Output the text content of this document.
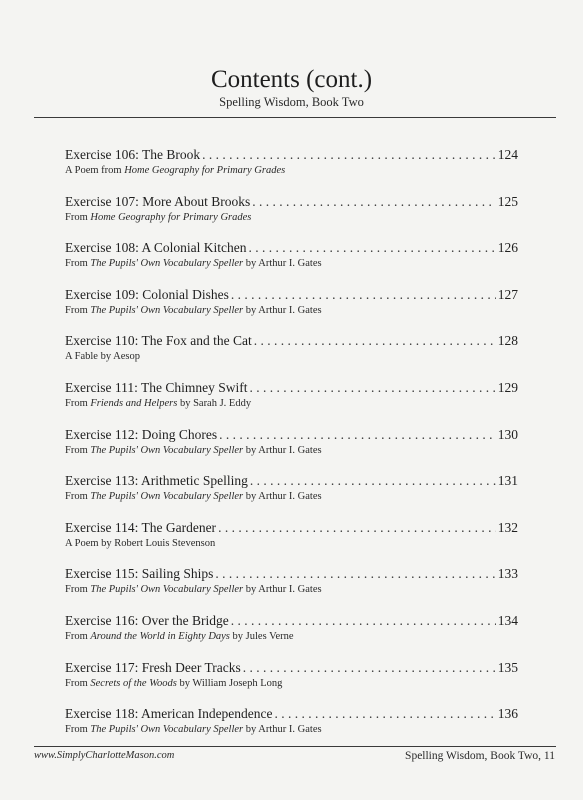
Contents (cont.)
Spelling Wisdom, Book Two
Exercise 106: The Brook . . .	124
A Poem from Home Geography for Primary Grades
Exercise 107: More About Brooks . . .	125
From Home Geography for Primary Grades
Exercise 108: A Colonial Kitchen . . .	126
From The Pupils' Own Vocabulary Speller by Arthur I. Gates
Exercise 109: Colonial Dishes . . .	127
From The Pupils' Own Vocabulary Speller by Arthur I. Gates
Exercise 110: The Fox and the Cat . . .	128
A Fable by Aesop
Exercise 111: The Chimney Swift . . .	129
From Friends and Helpers by Sarah J. Eddy
Exercise 112: Doing Chores . . .	130
From The Pupils' Own Vocabulary Speller by Arthur I. Gates
Exercise 113: Arithmetic Spelling . . .	131
From The Pupils' Own Vocabulary Speller by Arthur I. Gates
Exercise 114: The Gardener . . .	132
A Poem by Robert Louis Stevenson
Exercise 115: Sailing Ships . . .	133
From The Pupils' Own Vocabulary Speller by Arthur I. Gates
Exercise 116: Over the Bridge . . .	134
From Around the World in Eighty Days by Jules Verne
Exercise 117: Fresh Deer Tracks . . .	135
From Secrets of the Woods by William Joseph Long
Exercise 118: American Independence . . .	136
From The Pupils' Own Vocabulary Speller by Arthur I. Gates
www.SimplyCharlotteMason.com	Spelling Wisdom, Book Two, 11
